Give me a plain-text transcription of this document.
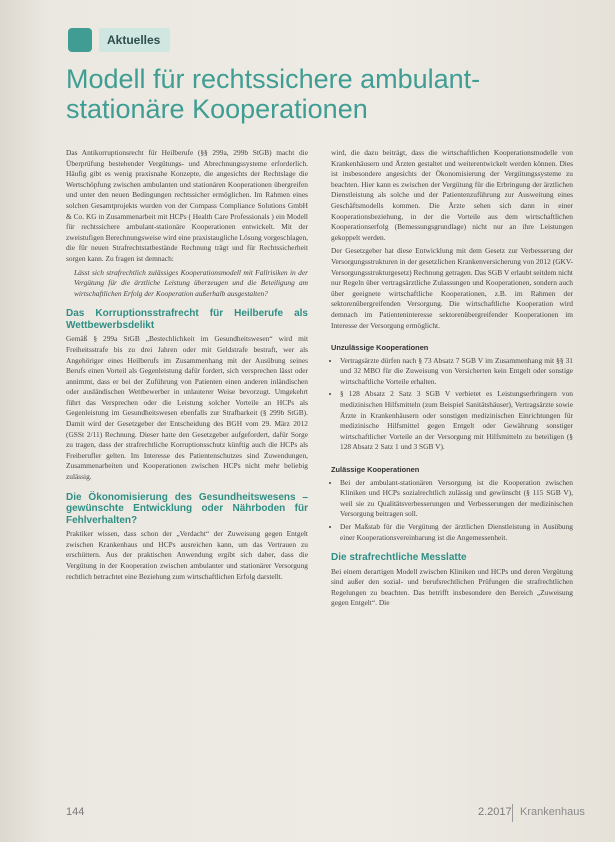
Aktuelles
Modell für rechtssichere ambulant-stationäre Kooperationen

Das Antikorruptionsrecht für Heilberufe (§§ 299a, 299b StGB) macht die Überprüfung bestehender Vergütungs- und Abrechnungssysteme erforderlich. Häufig gibt es wenig praxisnahe Konzepte, die angesichts der Rechtslage die Wertschöpfung zwischen ambulanten und stationären Kooperationen übergreifen und unter den neuen Bedingungen rechtssicher ermöglichen. Im Rahmen eines solchen Gesamtprojekts wurden von der Compass Compliance Solutions GmbH & Co. KG in Zusammenarbeit mit HCPs ( Health Care Professionals ) ein Modell für rechtssichere ambulant-stationäre Kooperationen entwickelt. Mit der zweistufigen Berechnungsweise wird eine praxistaugliche Lösung vorgeschlagen, die für neuen Strafrechtstatbestände Rechnung trägt und für Rechtssicherheit sorgen kann. Zu fragen ist demnach:

Lässt sich strafrechtlich zulässiges Kooperationsmodell mit Fallrisiken in der Vergütung für die ärztliche Leistung überzeugen und die Beteiligung am wirtschaftlichen Erfolg der Kooperation außerhalb ausgestalten?
Das Korruptionsstrafrecht für Heilberufe als Wettbewerbsdelikt

Gemäß § 299a StGB „Bestechlichkeit im Gesundheitswesen“ wird mit Freiheitsstrafe bis zu drei Jahren oder mit Geldstrafe bestraft, wer als Angehöriger eines Heilberufs im Zusammenhang mit der Ausübung seines Berufs einen Vorteil als Gegenleistung dafür fordert, sich versprechen lässt oder annimmt, dass er bei der Zuführung von Patienten einen anderen inländischen oder ausländischen Wettbewerber in unlauterer Weise bevorzugt. Umgekehrt führt das Versprechen oder die Leistung solcher Vorteile an HCPs als Gegenleistung im Gesundheitswesen ebenfalls zur Strafbarkeit (§ 299b StGB). Damit wird der Gesetzgeber der Entscheidung des BGH vom 29. März 2012 (GSSt 2/11) Rechnung. Dieser hatte den Gesetzgeber aufgefordert, dafür Sorge zu tragen, dass der strafrechtliche Korruptionsschutz künftig auch die HCPs als Freiberufler gelten. Im Interesse des Patientenschutzes sind Zuwendungen, Zusammenarbeiten und Kooperationen zwischen HCPs nicht mehr beliebig zulässig.

Die Ökonomisierung des Gesundheitswesens – gewünschte Entwicklung oder Nährboden für Fehlverhalten?

Praktiker wissen, dass schon der „Verdacht“ der Zuweisung gegen Entgelt zwischen Krankenhaus und HCPs ausreichen kann, um das Vertrauen zu erschüttern. Aus der praktischen Anwendung ergibt sich daher, dass die Vergütung in der Kooperation zwischen ambulanter und stationärer Versorgung rechtlich betrachtet eine Beziehung zum wirtschaftlichen Erfolg darstellt.

wird, die dazu beiträgt, dass die wirtschaftlichen Kooperationsmodelle von Krankenhäusern und Ärzten gestaltet und weiterentwickelt werden können. Dies ist insbesondere angesichts der Ökonomisierung der Vergütungssysteme zu beachten. Hier kann es zwischen der Vergütung für die Erbringung der ärztlichen Dienstleistung als solche und der Patientenzuführung zur Ausweitung eines Geschäftsmodells kommen. Die Ärzte sehen sich dann in einer Kooperationsbeziehung, in der die Vorteile aus dem wirtschaftlichen Kooperationserfolg (Bemessungsgrundlage) nicht nur an ihre Leistungen gekoppelt werden.

Der Gesetzgeber hat diese Entwicklung mit dem Gesetz zur Verbesserung der Versorgungsstrukturen in der gesetzlichen Krankenversicherung von 2012 (GKV-Versorgungsstrukturgesetz) Rechnung getragen. Das SGB V erlaubt seitdem nicht nur Regeln über vertragsärztliche Zulassungen und Kooperationen, sondern auch über geeignete wirtschaftliche Kooperationen, z.B. im Rahmen der sektorenübergreifenden Versorgung. Die wirtschaftliche Kooperation wird demnach im Patienteninteresse sektorenübergreifender Kooperationen im Interesse der Versorgung ermöglicht.

Unzulässige Kooperationen
• Vertragsärzte dürfen nach § 73 Absatz 7 SGB V im Zusammenhang mit §§ 31 und 32 MBO für die Zuweisung von Versicherten kein Entgelt oder sonstige wirtschaftliche Vorteile erhalten.
• § 128 Absatz 2 Satz 3 SGB V verbietet es Leistungserbringern von medizinischen Hilfsmitteln (zum Beispiel Sanitätshäuser), Vertragsärzte sowie Ärzte in Krankenhäusern oder sonstigen medizinischen Einrichtungen für medizinische Hilfsmittel gegen Entgelt oder Gewährung sonstiger wirtschaftlicher Vorteile an der Versorgung mit Hilfsmitteln zu beteiligen (§ 128 Absatz 2 Satz 1 und 3 SGB V).
Zulässige Kooperationen
• Bei der ambulant-stationären Versorgung ist die Kooperation zwischen Kliniken und HCPs sozialrechtlich zulässig und gewünscht (§ 115 SGB V), weil sie zu Qualitätsverbesserungen und Verbesserungen der medizinischen Versorgung beitragen soll.
• Der Maßstab für die Vergütung der ärztlichen Dienstleistung in Ausübung einer Kooperationsvereinbarung ist die Angemessenheit.
Die strafrechtliche Messlatte

Bei einem derartigen Modell zwischen Kliniken und HCPs und deren Vergütung sind außer den sozial- und berufsrechtlichen Prüfungen die strafrechtlichen Regelungen zu beachten. Das betrifft insbesondere den Bereich „Zuweisung gegen Entgelt“. Die

144	2.2017 Krankenhaus
